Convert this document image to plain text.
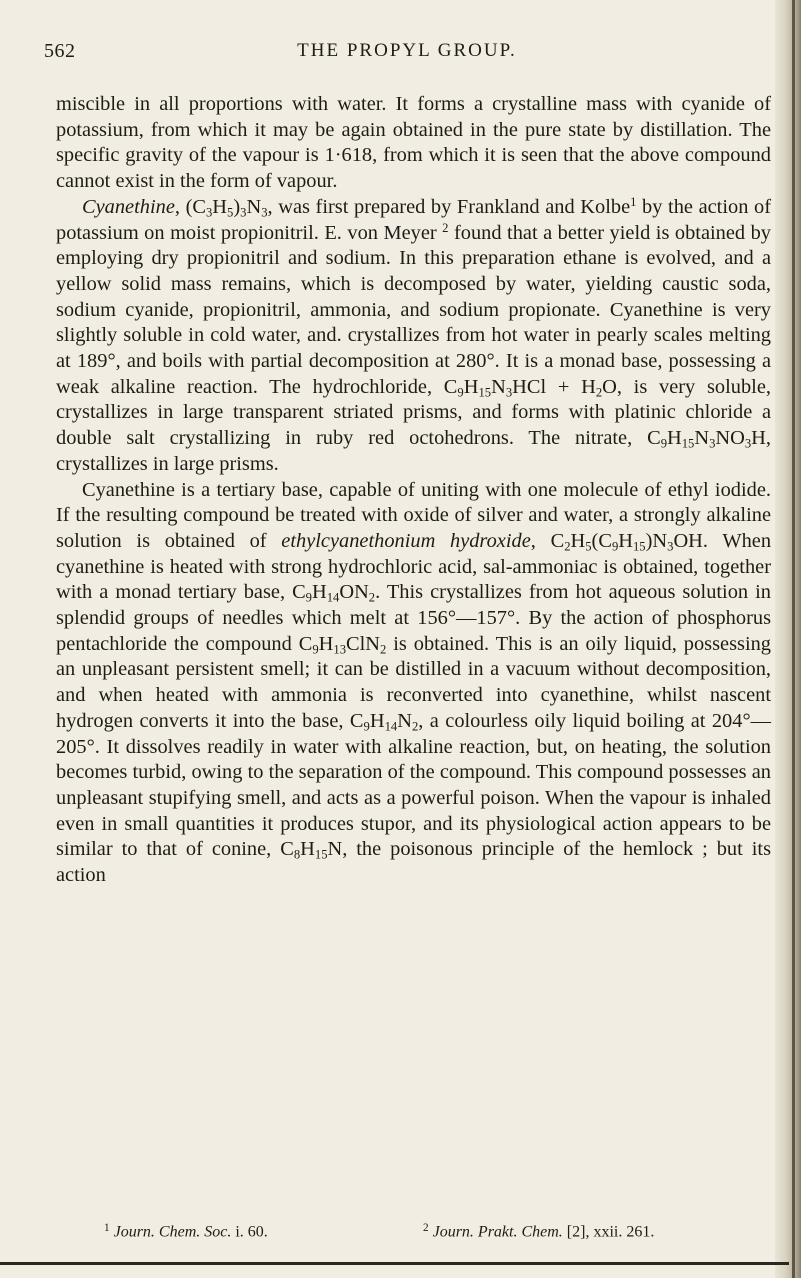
562	THE PROPYL GROUP.

miscible in all proportions with water. It forms a crystalline mass with cyanide of potassium, from which it may be again obtained in the pure state by distillation. The specific gravity of the vapour is 1·618, from which it is seen that the above compound cannot exist in the form of vapour.

Cyanethine, $(C_3H_5)_3N_3$, was first prepared by Frankland and Kolbe$^1$ by the action of potassium on moist propionitril. E. von Meyer $^2$ found that a better yield is obtained by employing dry propionitril and sodium. In this preparation ethane is evolved, and a yellow solid mass remains, which is decomposed by water, yielding caustic soda, sodium cyanide, propionitril, ammonia, and sodium propionate. Cyanethine is very slightly soluble in cold water, and. crystallizes from hot water in pearly scales melting at 189°, and boils with partial decomposition at 280°. It is a monad base, possessing a weak alkaline reaction. The hydrochloride, $C_9H_{15}N_3HCl + H_2O$, is very soluble, crystallizes in large transparent striated prisms, and forms with platinic chloride a double salt crystallizing in ruby red octohedrons. The nitrate, $C_9H_{15}N_3NO_3H$, crystallizes in large prisms.

Cyanethine is a tertiary base, capable of uniting with one molecule of ethyl iodide. If the resulting compound be treated with oxide of silver and water, a strongly alkaline solution is obtained of ethylcyanethonium hydroxide, $C_2H_5(C_9H_{15})N_3OH$. When cyanethine is heated with strong hydrochloric acid, sal-ammoniac is obtained, together with a monad tertiary base, $C_9H_{14}ON_2$. This crystallizes from hot aqueous solution in splendid groups of needles which melt at 156°—157°. By the action of phosphorus pentachloride the compound $C_9H_{13}ClN_2$ is obtained. This is an oily liquid, possessing an unpleasant persistent smell; it can be distilled in a vacuum without decomposition, and when heated with ammonia is reconverted into cyanethine, whilst nascent hydrogen converts it into the base, $C_9H_{14}N_2$, a colourless oily liquid boiling at 204°—205°. It dissolves readily in water with alkaline reaction, but, on heating, the solution becomes turbid, owing to the separation of the compound. This compound possesses an unpleasant stupifying smell, and acts as a powerful poison. When the vapour is inhaled even in small quantities it produces stupor, and its physiological action appears to be similar to that of conine, $C_8H_{15}N$, the poisonous principle of the hemlock ; but its action

$^1$ Journ. Chem. Soc. i. 60.	$^2$ Journ. Prakt. Chem. [2], xxii. 261.
